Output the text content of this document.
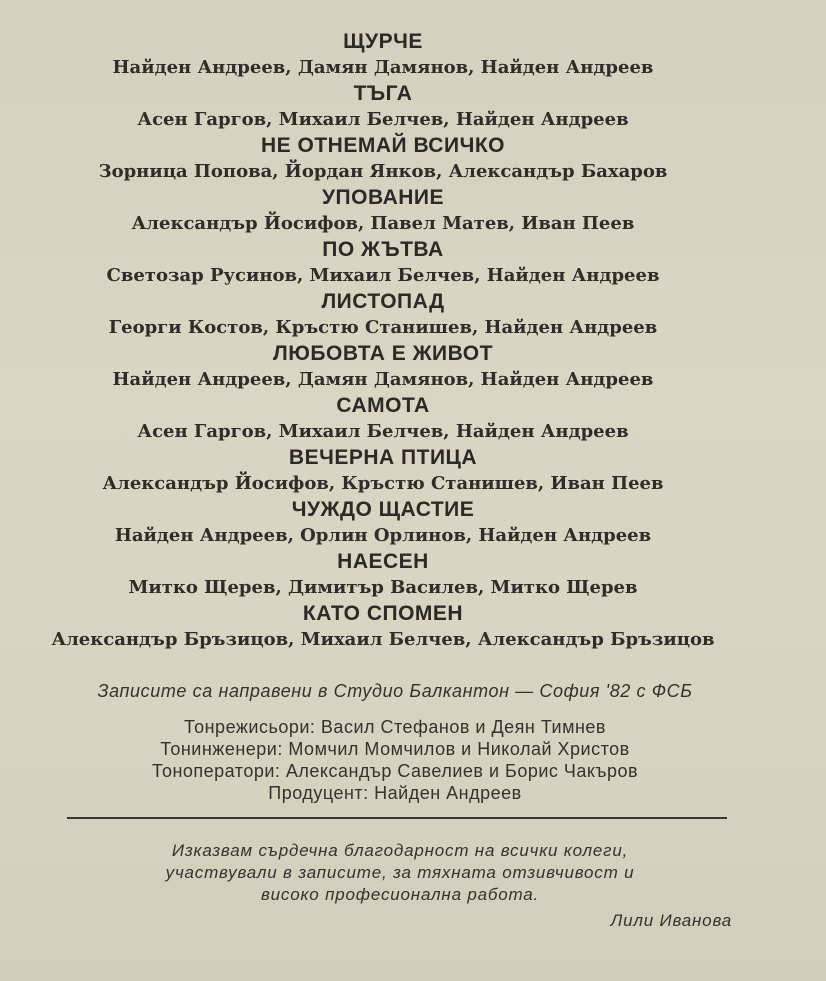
ЩУРЧЕ
Найден Андреев, Дамян Дамянов, Найден Андреев
ТЪГА
Асен Гаргов, Михаил Белчев, Найден Андреев
НЕ ОТНЕМАЙ ВСИЧКО
Зорница Попова, Йордан Янков, Александър Бахаров
УПОВАНИЕ
Александър Йосифов, Павел Матев, Иван Пеев
ПО ЖЪТВА
Светозар Русинов, Михаил Белчев, Найден Андреев
ЛИСТОПАД
Георги Костов, Кръстю Станишев, Найден Андреев
ЛЮБОВТА Е ЖИВОТ
Найден Андреев, Дамян Дамянов, Найден Андреев
САМОТА
Асен Гаргов, Михаил Белчев, Найден Андреев
ВЕЧЕРНА ПТИЦА
Александър Йосифов, Кръстю Станишев, Иван Пеев
ЧУЖДО ЩАСТИЕ
Найден Андреев, Орлин Орлинов, Найден Андреев
НАЕСЕН
Митко Щерев, Димитър Василев, Митко Щерев
КАТО СПОМЕН
Александър Бръзицов, Михаил Белчев, Александър Бръзицов
Записите са направени в Студио Балкантон — София '82 с ФСБ
Тонрежисьори: Васил Стефанов и Деян Тимнев
Тонинженери: Момчил Момчилов и Николай Христов
Тоноператори: Александър Савелиев и Борис Чакъров
Продуцент: Найден Андреев
Изказвам сърдечна благодарност на всички колеги,
участвували в записите, за тяхната отзивчивост и
високо професионална работа.
Лили Иванова
